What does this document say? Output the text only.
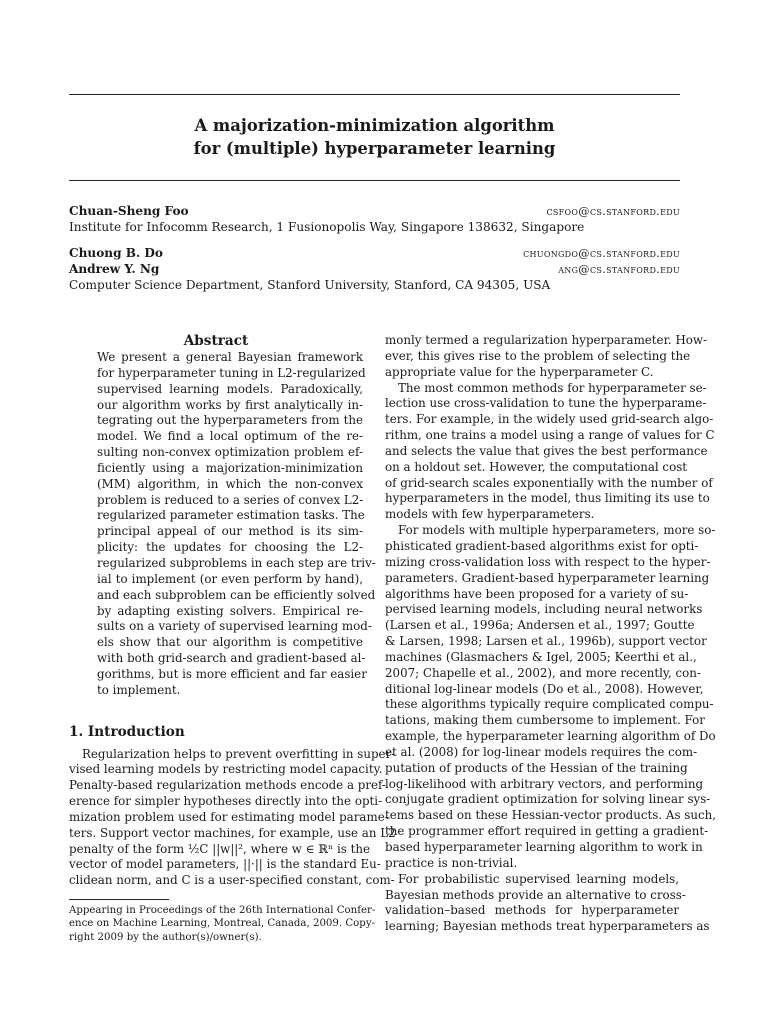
A majorization-minimization algorithm
for (multiple) hyperparameter learning
Chuan-Sheng Foo	csfoo@cs.stanford.edu
Institute for Infocomm Research, 1 Fusionopolis Way, Singapore 138632, Singapore
Chuong B. Do	chuongdo@cs.stanford.edu
Andrew Y. Ng	ang@cs.stanford.edu
Computer Science Department, Stanford University, Stanford, CA 94305, USA
Abstract
We present a general Bayesian framework
for hyperparameter tuning in L2-regularized
supervised learning models. Paradoxically,
our algorithm works by first analytically in-
tegrating out the hyperparameters from the
model. We find a local optimum of the re-
sulting non-convex optimization problem ef-
ficiently using a majorization-minimization
(MM) algorithm, in which the non-convex
problem is reduced to a series of convex L2-
regularized parameter estimation tasks. The
principal appeal of our method is its sim-
plicity: the updates for choosing the L2-
regularized subproblems in each step are triv-
ial to implement (or even perform by hand),
and each subproblem can be efficiently solved
by adapting existing solvers. Empirical re-
sults on a variety of supervised learning mod-
els show that our algorithm is competitive
with both grid-search and gradient-based al-
gorithms, but is more efficient and far easier
to implement.
1. Introduction
Regularization helps to prevent overfitting in super-
vised learning models by restricting model capacity.
Penalty-based regularization methods encode a pref-
erence for simpler hypotheses directly into the opti-
mization problem used for estimating model parame-
ters. Support vector machines, for example, use an L2
penalty of the form ½C ||w||², where w ∈ ℝⁿ is the
vector of model parameters, ||·|| is the standard Eu-
clidean norm, and C is a user-specified constant, com-
Appearing in Proceedings of the 26th International Confer-
ence on Machine Learning, Montreal, Canada, 2009. Copy-
right 2009 by the author(s)/owner(s).
monly termed a regularization hyperparameter. How-
ever, this gives rise to the problem of selecting the
appropriate value for the hyperparameter C.
The most common methods for hyperparameter se-
lection use cross-validation to tune the hyperparame-
ters. For example, in the widely used grid-search algo-
rithm, one trains a model using a range of values for C
and selects the value that gives the best performance
on a holdout set. However, the computational cost
of grid-search scales exponentially with the number of
hyperparameters in the model, thus limiting its use to
models with few hyperparameters.
For models with multiple hyperparameters, more so-
phisticated gradient-based algorithms exist for opti-
mizing cross-validation loss with respect to the hyper-
parameters. Gradient-based hyperparameter learning
algorithms have been proposed for a variety of su-
pervised learning models, including neural networks
(Larsen et al., 1996a; Andersen et al., 1997; Goutte
& Larsen, 1998; Larsen et al., 1996b), support vector
machines (Glasmachers & Igel, 2005; Keerthi et al.,
2007; Chapelle et al., 2002), and more recently, con-
ditional log-linear models (Do et al., 2008). However,
these algorithms typically require complicated compu-
tations, making them cumbersome to implement. For
example, the hyperparameter learning algorithm of Do
et al. (2008) for log-linear models requires the com-
putation of products of the Hessian of the training
log-likelihood with arbitrary vectors, and performing
conjugate gradient optimization for solving linear sys-
tems based on these Hessian-vector products. As such,
the programmer effort required in getting a gradient-
based hyperparameter learning algorithm to work in
practice is non-trivial.
For probabilistic supervised learning models,
Bayesian methods provide an alternative to cross-
validation–based methods for hyperparameter
learning; Bayesian methods treat hyperparameters as
